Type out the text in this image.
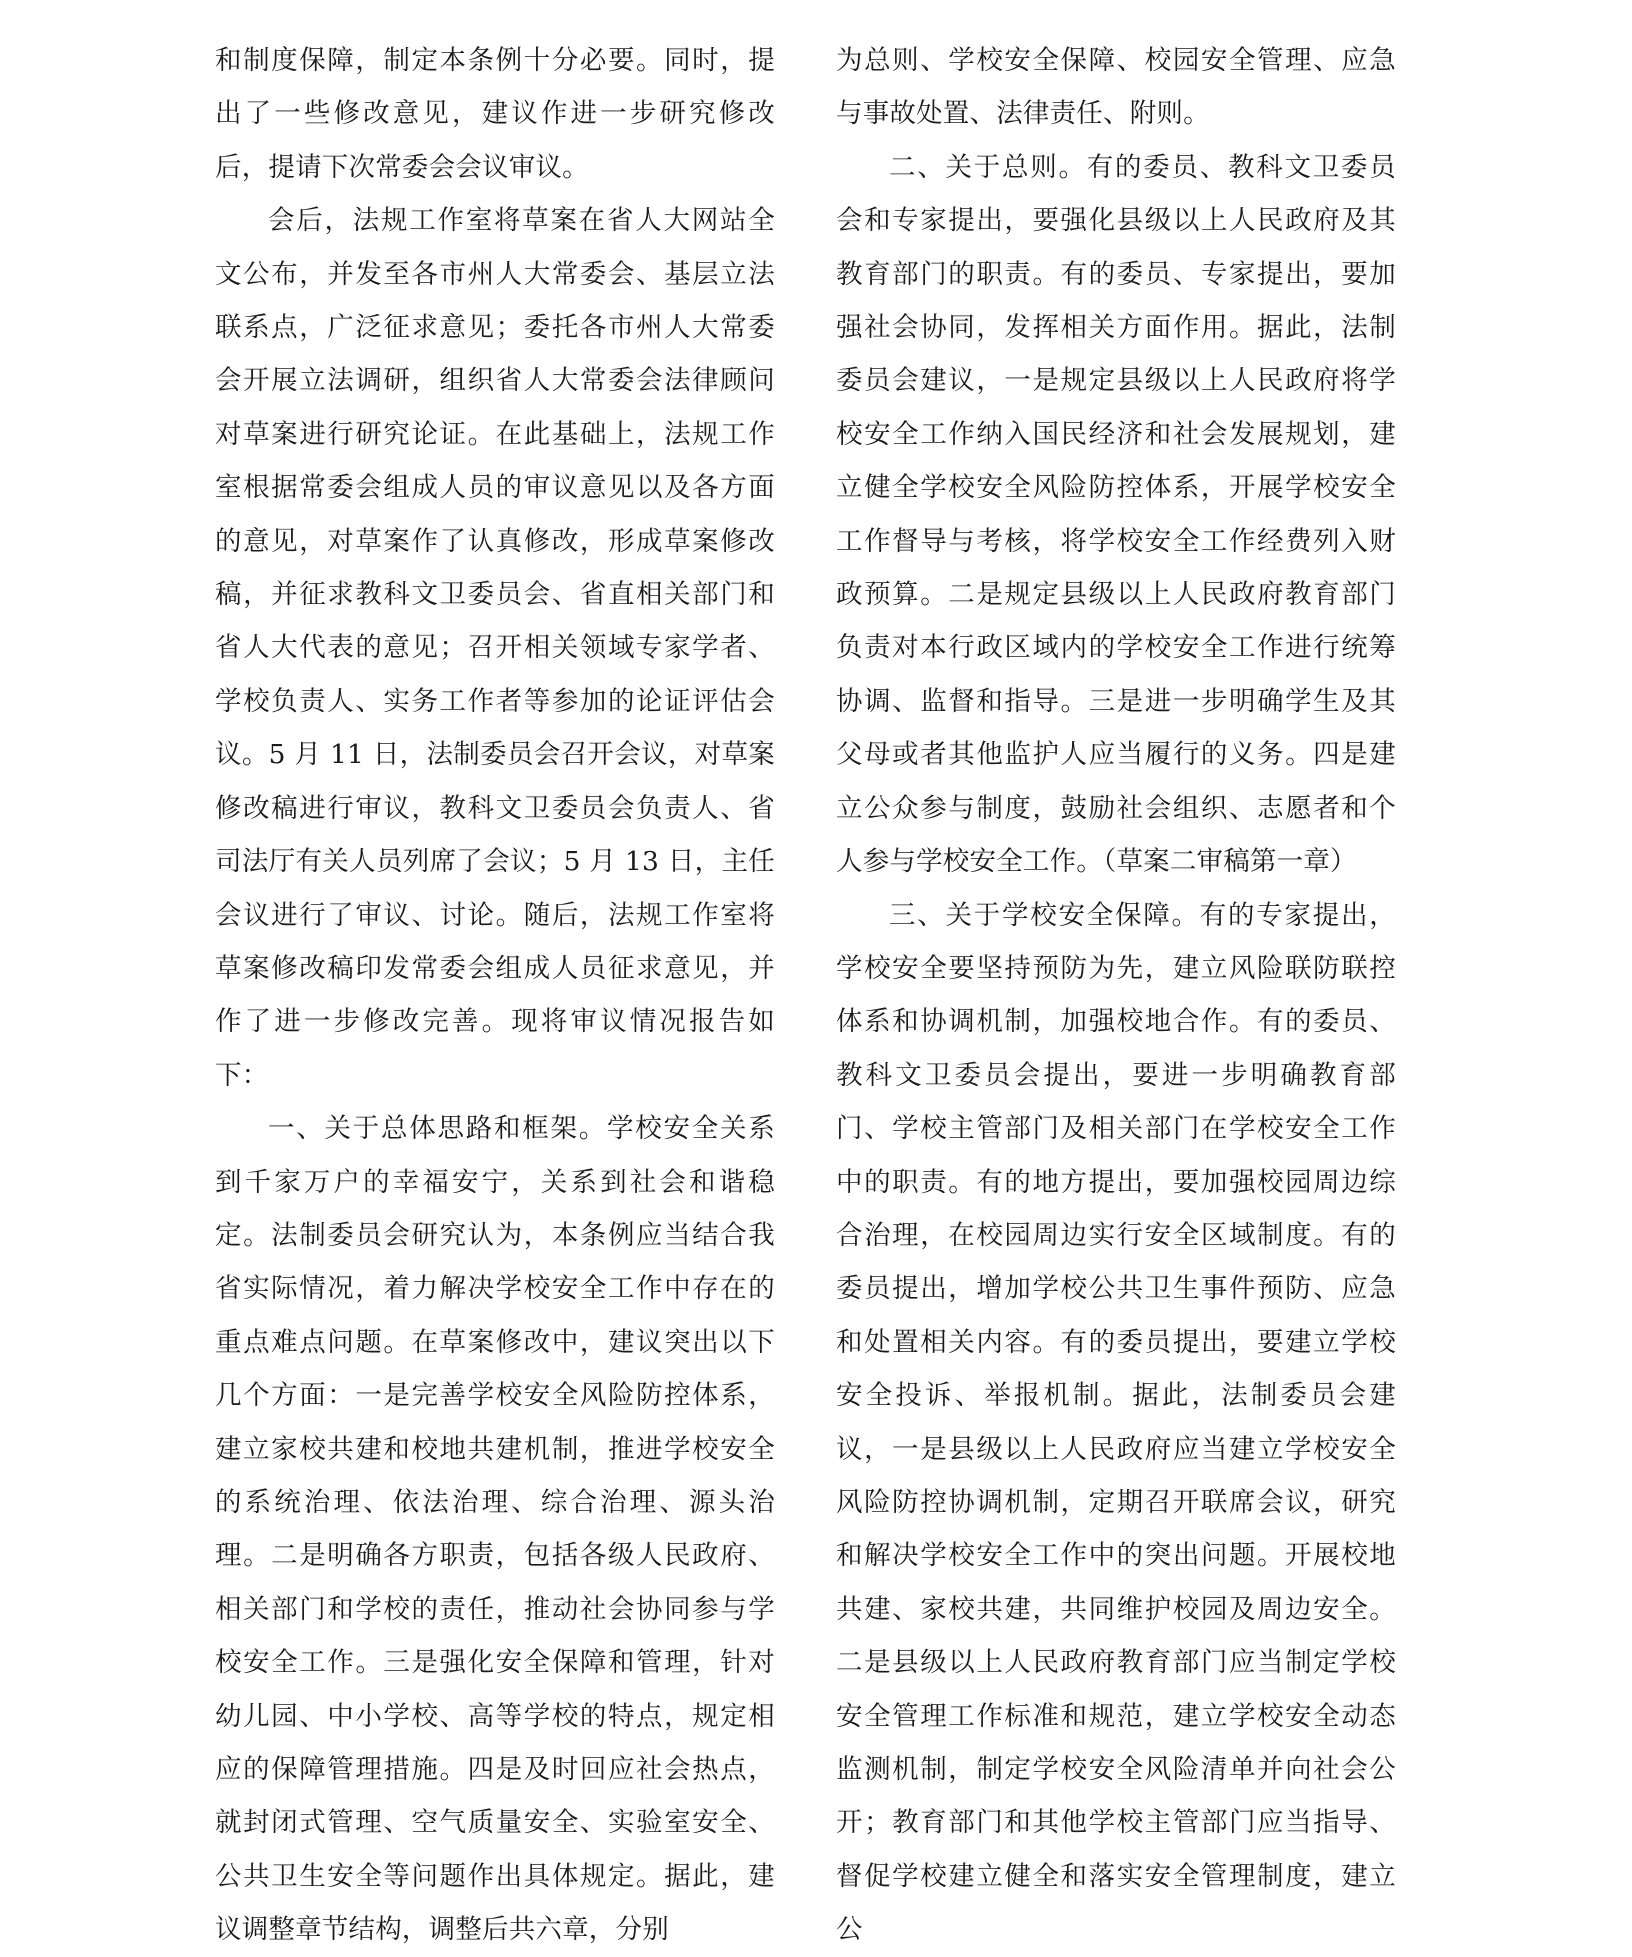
和制度保障，制定本条例十分必要。同时，提出了一些修改意见，建议作进一步研究修改后，提请下次常委会会议审议。

会后，法规工作室将草案在省人大网站全文公布，并发至各市州人大常委会、基层立法联系点，广泛征求意见；委托各市州人大常委会开展立法调研，组织省人大常委会法律顾问对草案进行研究论证。在此基础上，法规工作室根据常委会组成人员的审议意见以及各方面的意见，对草案作了认真修改，形成草案修改稿，并征求教科文卫委员会、省直相关部门和省人大代表的意见；召开相关领域专家学者、学校负责人、实务工作者等参加的论证评估会议。5 月 11 日，法制委员会召开会议，对草案修改稿进行审议，教科文卫委员会负责人、省司法厅有关人员列席了会议；5 月 13 日，主任会议进行了审议、讨论。随后，法规工作室将草案修改稿印发常委会组成人员征求意见，并作了进一步修改完善。现将审议情况报告如下：

一、关于总体思路和框架。学校安全关系到千家万户的幸福安宁，关系到社会和谐稳定。法制委员会研究认为，本条例应当结合我省实际情况，着力解决学校安全工作中存在的重点难点问题。在草案修改中，建议突出以下几个方面：一是完善学校安全风险防控体系，建立家校共建和校地共建机制，推进学校安全的系统治理、依法治理、综合治理、源头治理。二是明确各方职责，包括各级人民政府、相关部门和学校的责任，推动社会协同参与学校安全工作。三是强化安全保障和管理，针对幼儿园、中小学校、高等学校的特点，规定相应的保障管理措施。四是及时回应社会热点，就封闭式管理、空气质量安全、实验室安全、公共卫生安全等问题作出具体规定。据此，建议调整章节结构，调整后共六章，分别

为总则、学校安全保障、校园安全管理、应急与事故处置、法律责任、附则。

二、关于总则。有的委员、教科文卫委员会和专家提出，要强化县级以上人民政府及其教育部门的职责。有的委员、专家提出，要加强社会协同，发挥相关方面作用。据此，法制委员会建议，一是规定县级以上人民政府将学校安全工作纳入国民经济和社会发展规划，建立健全学校安全风险防控体系，开展学校安全工作督导与考核，将学校安全工作经费列入财政预算。二是规定县级以上人民政府教育部门负责对本行政区域内的学校安全工作进行统筹协调、监督和指导。三是进一步明确学生及其父母或者其他监护人应当履行的义务。四是建立公众参与制度，鼓励社会组织、志愿者和个人参与学校安全工作。（草案二审稿第一章）

三、关于学校安全保障。有的专家提出，学校安全要坚持预防为先，建立风险联防联控体系和协调机制，加强校地合作。有的委员、教科文卫委员会提出，要进一步明确教育部门、学校主管部门及相关部门在学校安全工作中的职责。有的地方提出，要加强校园周边综合治理，在校园周边实行安全区域制度。有的委员提出，增加学校公共卫生事件预防、应急和处置相关内容。有的委员提出，要建立学校安全投诉、举报机制。据此，法制委员会建议，一是县级以上人民政府应当建立学校安全风险防控协调机制，定期召开联席会议，研究和解决学校安全工作中的突出问题。开展校地共建、家校共建，共同维护校园及周边安全。二是县级以上人民政府教育部门应当制定学校安全管理工作标准和规范，建立学校安全动态监测机制，制定学校安全风险清单并向社会公开；教育部门和其他学校主管部门应当指导、督促学校建立健全和落实安全管理制度，建立公
